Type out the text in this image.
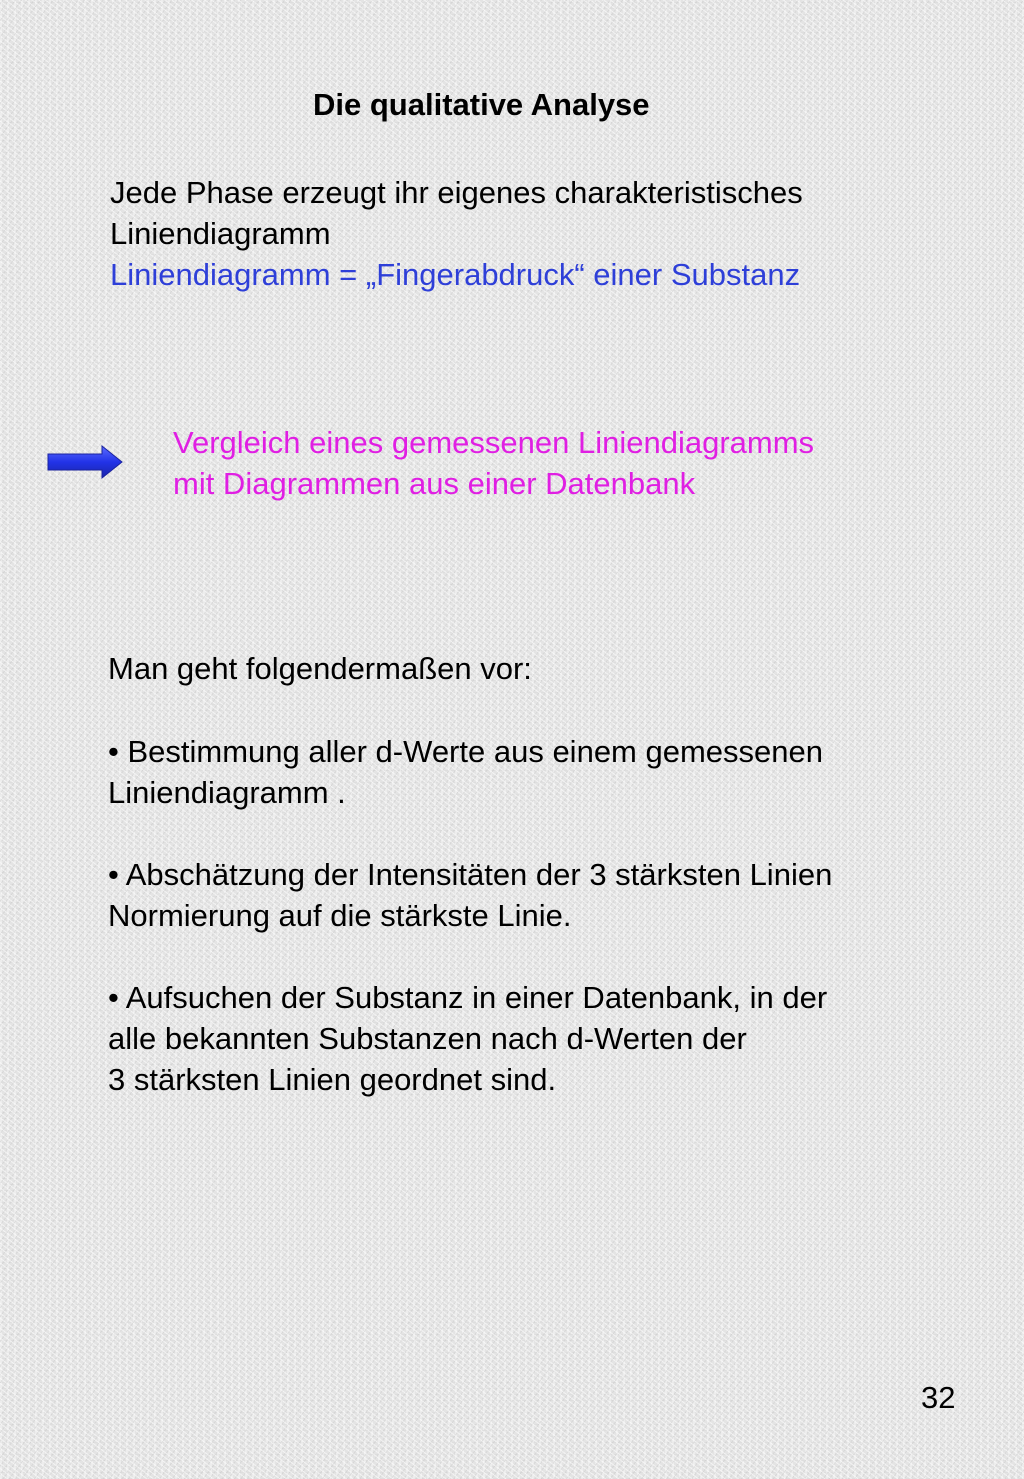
Die qualitative Analyse

Jede Phase erzeugt ihr eigenes charakteristisches
Liniendiagramm
Liniendiagramm = „Fingerabdruck“ einer Substanz

Vergleich eines gemessenen Liniendiagramms
mit Diagrammen aus einer Datenbank

Man geht folgendermaßen vor:

• Bestimmung aller d-Werte aus einem gemessenen
Liniendiagramm .

• Abschätzung der Intensitäten der 3 stärksten Linien
Normierung auf die stärkste Linie.

• Aufsuchen der Substanz in einer Datenbank, in der
alle bekannten Substanzen nach d-Werten der
3 stärksten Linien geordnet sind.

32
